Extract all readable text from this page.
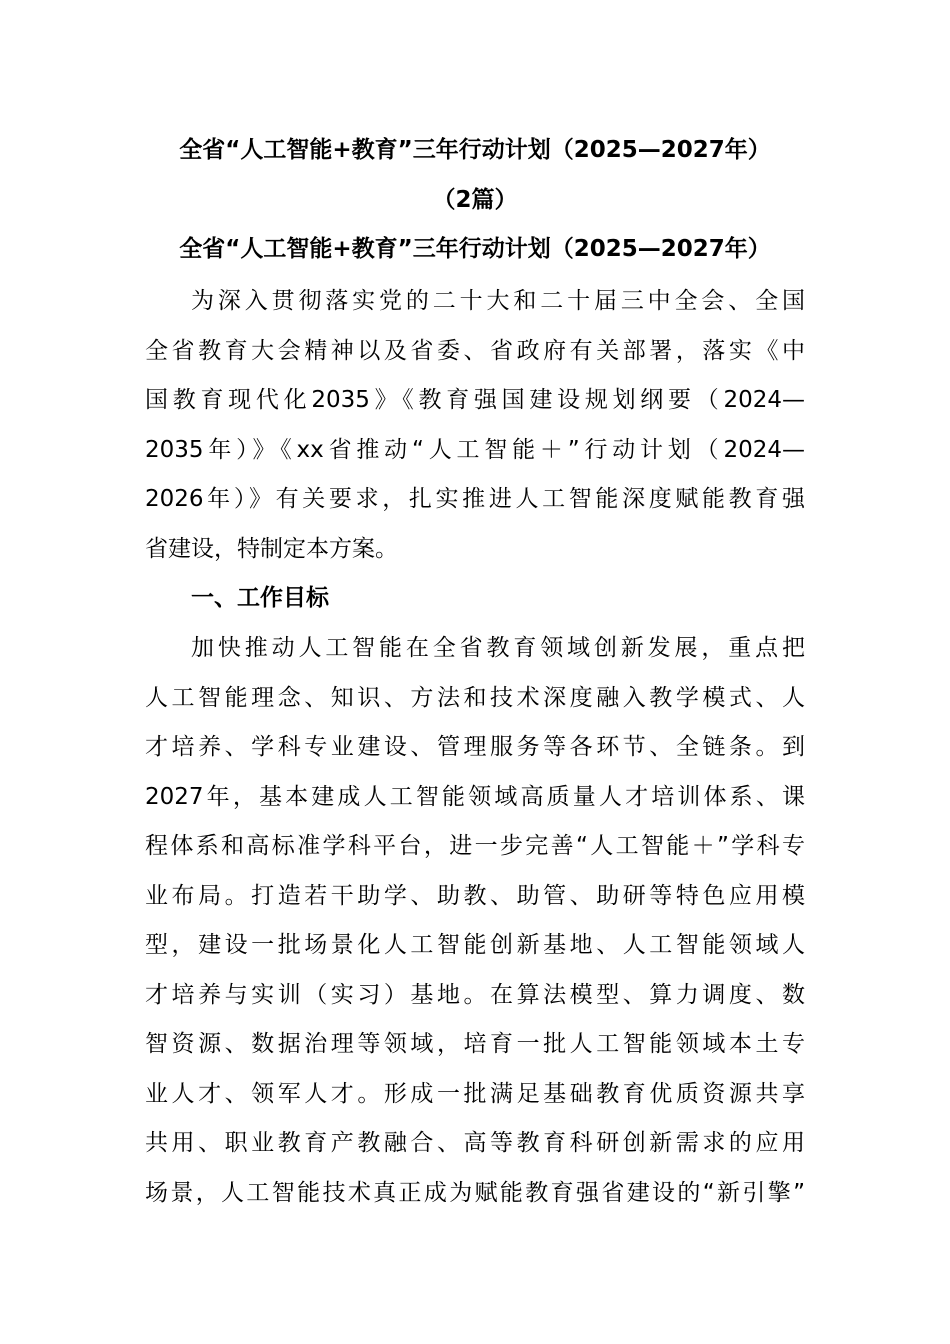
全省“人工智能+教育”三年行动计划（2025—2027年）
（2篇）
全省“人工智能+教育”三年行动计划（2025—2027年）
为深入贯彻落实党的二十大和二十届三中全会、全国
全省教育大会精神以及省委、省政府有关部署，落实《中
国教育现代化2035》《教育强国建设规划纲要（2024—
2035年）》《xx省推动“人工智能＋”行动计划（2024—
2026年）》有关要求，扎实推进人工智能深度赋能教育强
省建设，特制定本方案。
一、工作目标
加快推动人工智能在全省教育领域创新发展，重点把
人工智能理念、知识、方法和技术深度融入教学模式、人
才培养、学科专业建设、管理服务等各环节、全链条。到
2027年，基本建成人工智能领域高质量人才培训体系、课
程体系和高标准学科平台，进一步完善“人工智能＋”学科专
业布局。打造若干助学、助教、助管、助研等特色应用模
型，建设一批场景化人工智能创新基地、人工智能领域人
才培养与实训（实习）基地。在算法模型、算力调度、数
智资源、数据治理等领域，培育一批人工智能领域本土专
业人才、领军人才。形成一批满足基础教育优质资源共享
共用、职业教育产教融合、高等教育科研创新需求的应用
场景，人工智能技术真正成为赋能教育强省建设的“新引擎”
